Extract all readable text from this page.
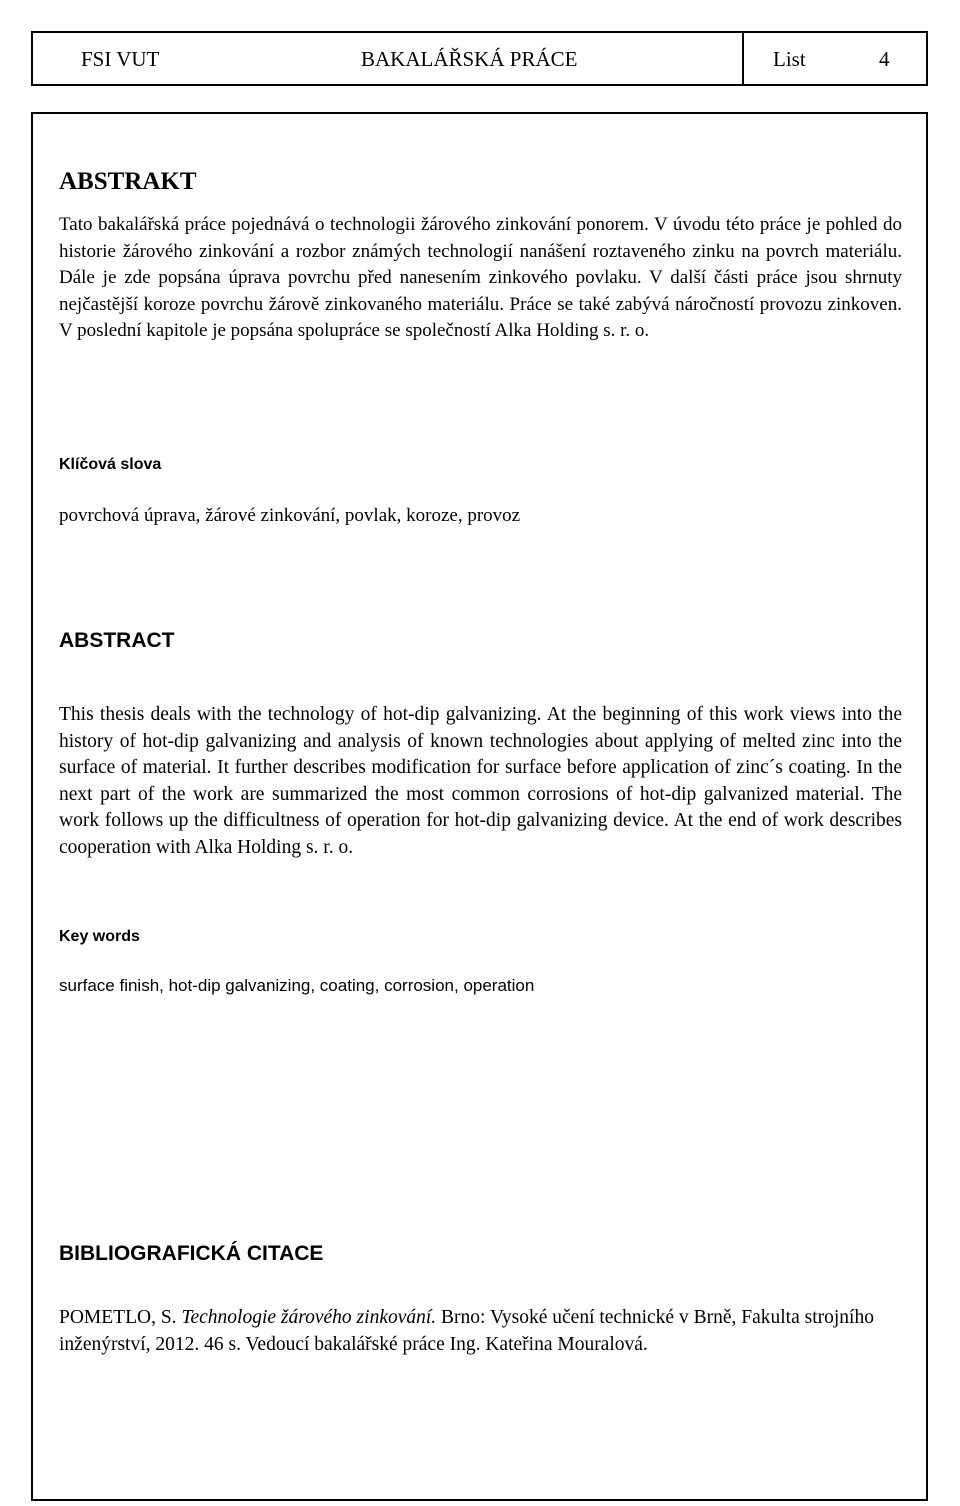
FSI VUT	BAKALÁŘSKÁ PRÁCE	List	4
ABSTRAKT

Tato bakalářská práce pojednává o technologii žárového zinkování ponorem. V úvodu této práce je pohled do historie žárového zinkování a rozbor známých technologií nanášení roztaveného zinku na povrch materiálu. Dále je zde popsána úprava povrchu před nanesením zinkového povlaku. V další části práce jsou shrnuty nejčastější koroze povrchu žárově zinkovaného materiálu. Práce se také zabývá náročností provozu zinkoven. V poslední kapitole je popsána spolupráce se společností Alka Holding s. r. o.

Klíčová slova

povrchová úprava, žárové zinkování, povlak, koroze, provoz

ABSTRACT

This thesis deals with the technology of hot-dip galvanizing. At the beginning of this work views into the history of hot-dip galvanizing and analysis of known technologies about applying of melted zinc into the surface of material. It further describes modification for surface before application of zinc´s coating. In the next part of the work are summarized the most common corrosions of hot-dip galvanized material. The work follows up the difficultness of operation for hot-dip galvanizing device. At the end of work describes cooperation with Alka Holding s. r. o.

Key words

surface finish, hot-dip galvanizing, coating, corrosion, operation

BIBLIOGRAFICKÁ CITACE

POMETLO, S. Technologie žárového zinkování. Brno: Vysoké učení technické v Brně, Fakulta strojního inženýrství, 2012. 46 s. Vedoucí bakalářské práce Ing. Kateřina Mouralová.
